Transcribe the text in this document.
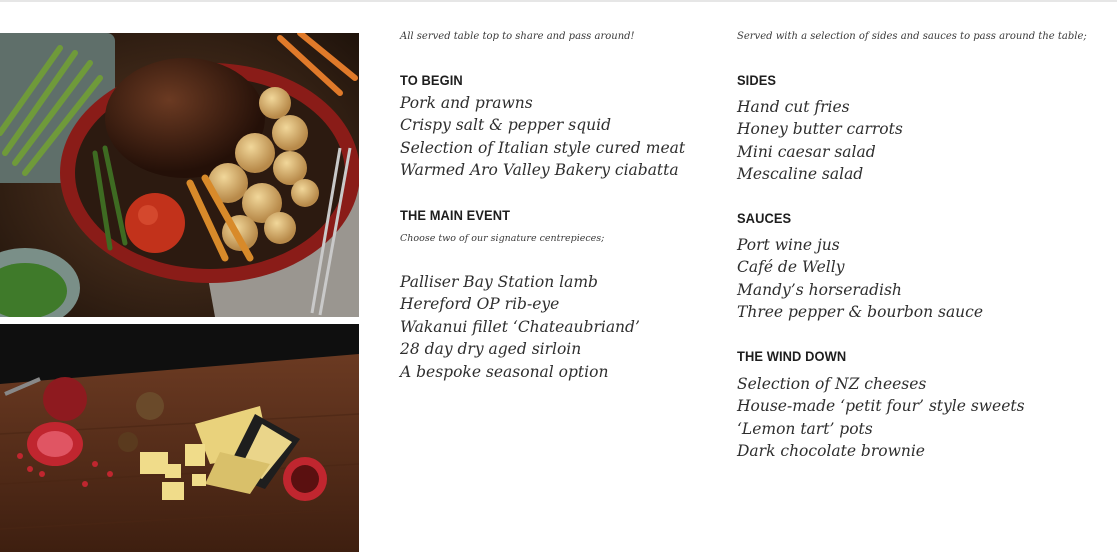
All served table top to share and pass around!

TO BEGIN
Pork and prawns
Crispy salt & pepper squid
Selection of Italian style cured meat
Warmed Aro Valley Bakery ciabatta
THE MAIN EVENT

Choose two of our signature centrepieces;

Palliser Bay Station lamb
Hereford OP rib-eye
Wakanui fillet ‘Chateaubriand’
28 day dry aged sirloin
A bespoke seasonal option

Served with a selection of sides and sauces to pass around the table;

SIDES
Hand cut fries
Honey butter carrots
Mini caesar salad
Mescaline salad
SAUCES
Port wine jus
Café de Welly
Mandy’s horseradish
Three pepper & bourbon sauce
THE WIND DOWN
Selection of NZ cheeses
House-made ‘petit four’ style sweets
‘Lemon tart’ pots
Dark chocolate brownie
